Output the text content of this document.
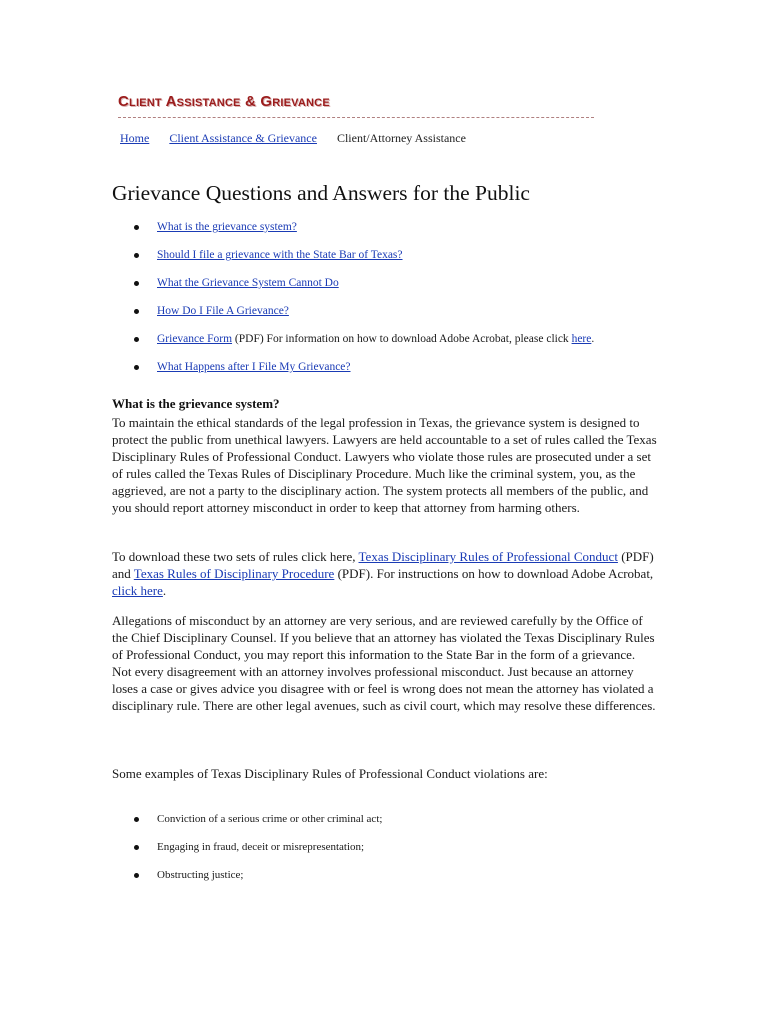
Client Assistance & Grievance
Home Client Assistance & Grievance Client/Attorney Assistance
Grievance Questions and Answers for the Public
What is the grievance system?
Should I file a grievance with the State Bar of Texas?
What the Grievance System Cannot Do
How Do I File A Grievance?
Grievance Form (PDF) For information on how to download Adobe Acrobat, please click here.
What Happens after I File My Grievance?
What is the grievance system?

To maintain the ethical standards of the legal profession in Texas, the grievance system is designed to protect the public from unethical lawyers. Lawyers are held accountable to a set of rules called the Texas Disciplinary Rules of Professional Conduct. Lawyers who violate those rules are prosecuted under a set of rules called the Texas Rules of Disciplinary Procedure. Much like the criminal system, you, as the aggrieved, are not a party to the disciplinary action. The system protects all members of the public, and you should report attorney misconduct in order to keep that attorney from harming others.

To download these two sets of rules click here, Texas Disciplinary Rules of Professional Conduct (PDF) and Texas Rules of Disciplinary Procedure (PDF). For instructions on how to download Adobe Acrobat, click here.

Allegations of misconduct by an attorney are very serious, and are reviewed carefully by the Office of the Chief Disciplinary Counsel. If you believe that an attorney has violated the Texas Disciplinary Rules of Professional Conduct, you may report this information to the State Bar in the form of a grievance. Not every disagreement with an attorney involves professional misconduct. Just because an attorney loses a case or gives advice you disagree with or feel is wrong does not mean the attorney has violated a disciplinary rule. There are other legal avenues, such as civil court, which may resolve these differences.

Some examples of Texas Disciplinary Rules of Professional Conduct violations are:

Conviction of a serious crime or other criminal act;
Engaging in fraud, deceit or misrepresentation;
Obstructing justice;
